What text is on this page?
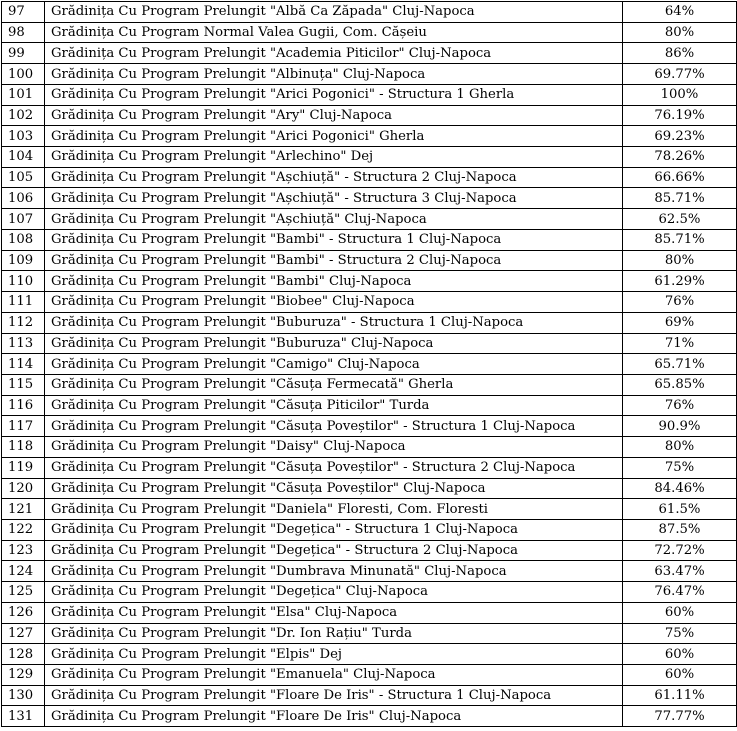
97	Grădinița Cu Program Prelungit "Albă Ca Zăpada" Cluj-Napoca	64%
98	Grădinița Cu Program Normal Valea Gugii, Com. Cășeiu	80%
99	Grădinița Cu Program Prelungit "Academia Piticilor" Cluj-Napoca	86%
100	Grădinița Cu Program Prelungit "Albinuța" Cluj-Napoca	69.77%
101	Grădinița Cu Program Prelungit "Arici Pogonici" - Structura 1 Gherla	100%
102	Grădinița Cu Program Prelungit "Ary" Cluj-Napoca	76.19%
103	Grădinița Cu Program Prelungit "Arici Pogonici" Gherla	69.23%
104	Grădinița Cu Program Prelungit "Arlechino" Dej	78.26%
105	Grădinița Cu Program Prelungit "Așchiuță" - Structura 2 Cluj-Napoca	66.66%
106	Grădinița Cu Program Prelungit "Așchiuță" - Structura 3 Cluj-Napoca	85.71%
107	Grădinița Cu Program Prelungit "Așchiuță" Cluj-Napoca	62.5%
108	Grădinița Cu Program Prelungit "Bambi" - Structura 1 Cluj-Napoca	85.71%
109	Grădinița Cu Program Prelungit "Bambi" - Structura 2 Cluj-Napoca	80%
110	Grădinița Cu Program Prelungit "Bambi" Cluj-Napoca	61.29%
111	Grădinița Cu Program Prelungit "Biobee" Cluj-Napoca	76%
112	Grădinița Cu Program Prelungit "Buburuza" - Structura 1 Cluj-Napoca	69%
113	Grădinița Cu Program Prelungit "Buburuza" Cluj-Napoca	71%
114	Grădinița Cu Program Prelungit "Camigo" Cluj-Napoca	65.71%
115	Grădinița Cu Program Prelungit "Căsuța Fermecată" Gherla	65.85%
116	Grădinița Cu Program Prelungit "Căsuța Piticilor" Turda	76%
117	Grădinița Cu Program Prelungit "Căsuța Poveștilor" - Structura 1 Cluj-Napoca	90.9%
118	Grădinița Cu Program Prelungit "Daisy" Cluj-Napoca	80%
119	Grădinița Cu Program Prelungit "Căsuța Poveștilor" - Structura 2 Cluj-Napoca	75%
120	Grădinița Cu Program Prelungit "Căsuța Poveștilor" Cluj-Napoca	84.46%
121	Grădinița Cu Program Prelungit "Daniela" Floresti, Com. Floresti	61.5%
122	Grădinița Cu Program Prelungit "Degețica" - Structura 1 Cluj-Napoca	87.5%
123	Grădinița Cu Program Prelungit "Degețica" - Structura 2 Cluj-Napoca	72.72%
124	Grădinița Cu Program Prelungit "Dumbrava Minunată" Cluj-Napoca	63.47%
125	Grădinița Cu Program Prelungit "Degețica" Cluj-Napoca	76.47%
126	Grădinița Cu Program Prelungit "Elsa" Cluj-Napoca	60%
127	Grădinița Cu Program Prelungit "Dr. Ion Rațiu" Turda	75%
128	Grădinița Cu Program Prelungit "Elpis" Dej	60%
129	Grădinița Cu Program Prelungit "Emanuela" Cluj-Napoca	60%
130	Grădinița Cu Program Prelungit "Floare De Iris" - Structura 1 Cluj-Napoca	61.11%
131	Grădinița Cu Program Prelungit "Floare De Iris" Cluj-Napoca	77.77%
